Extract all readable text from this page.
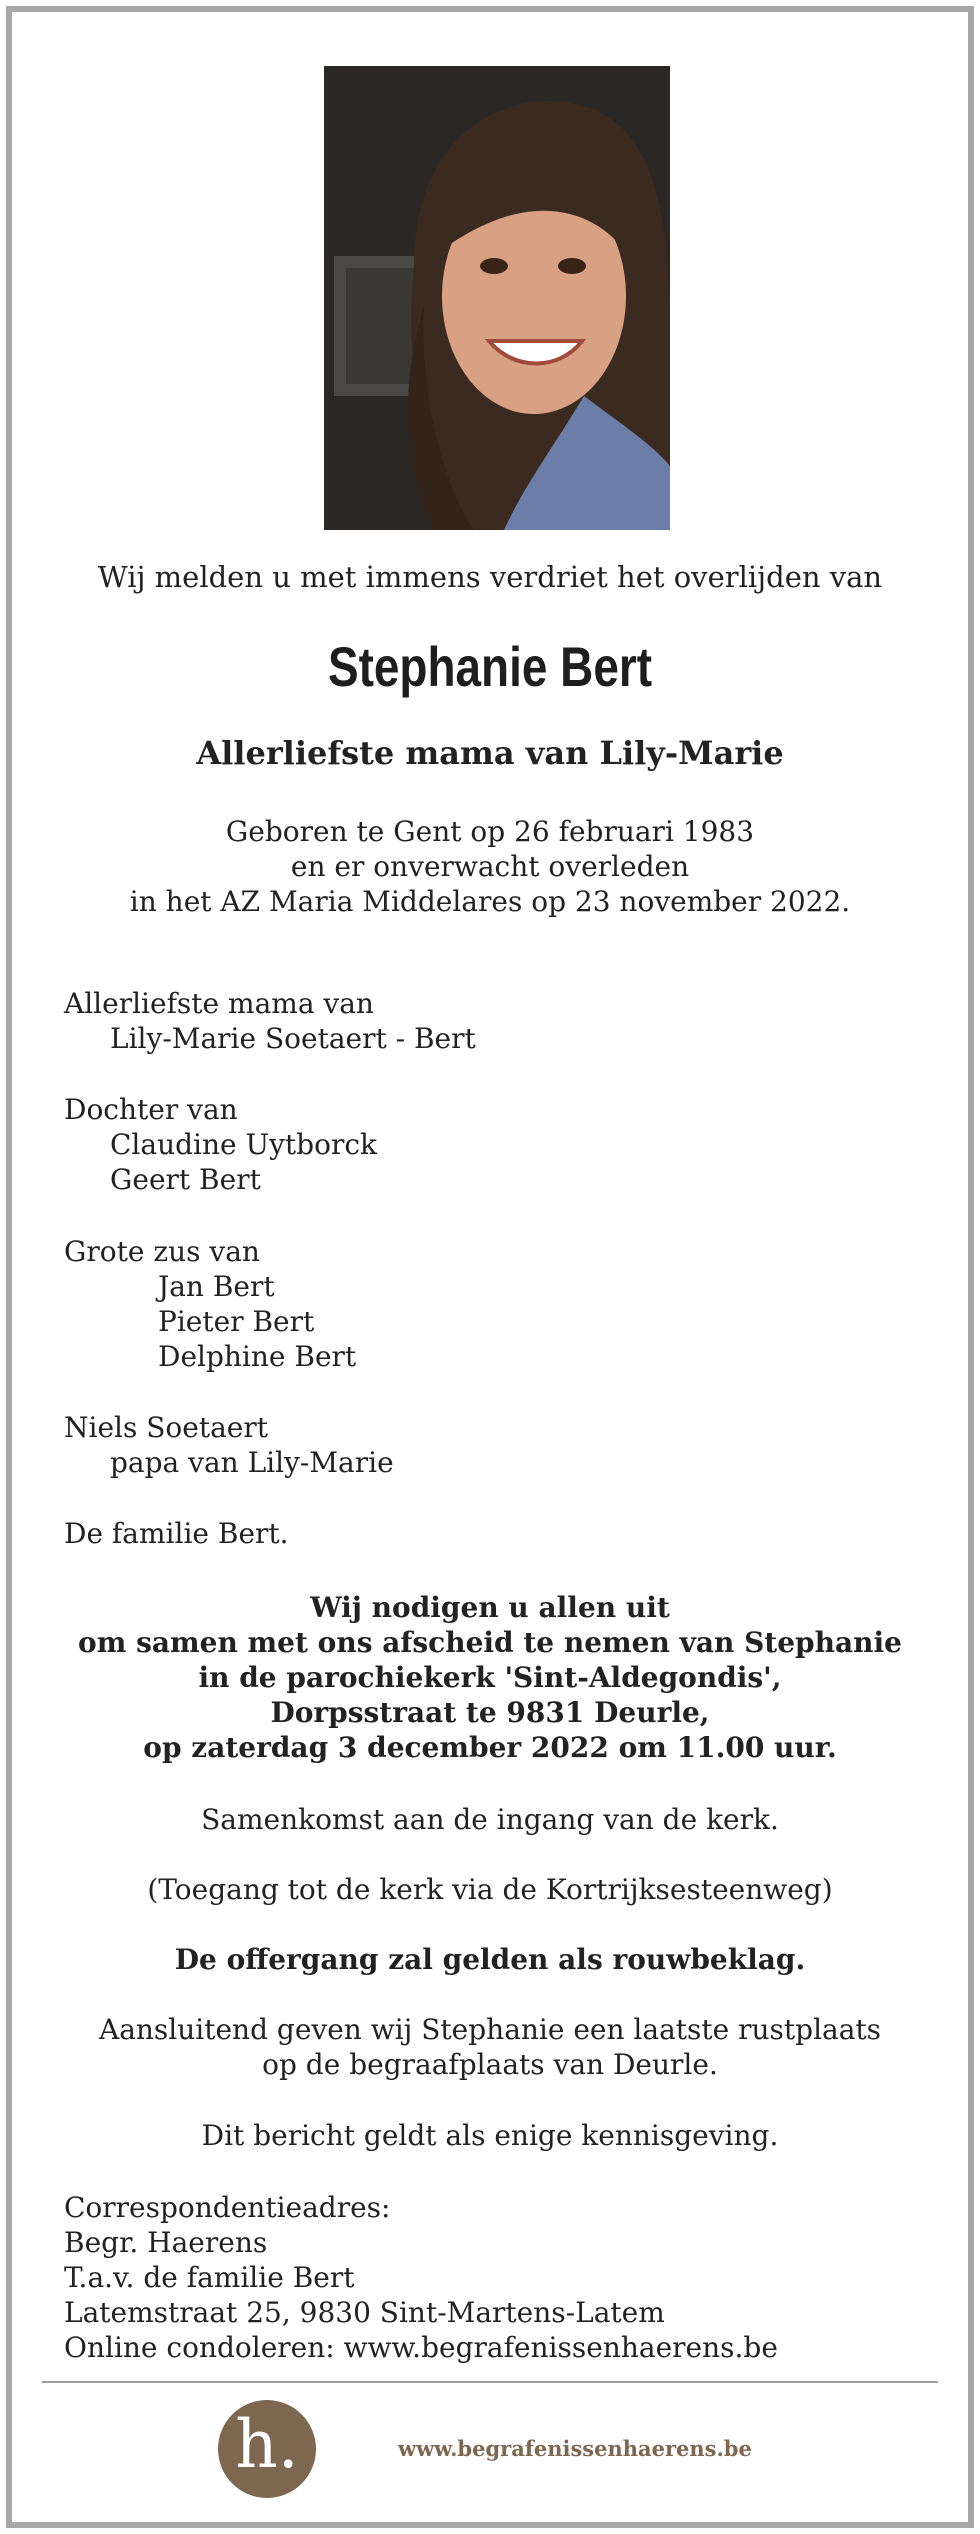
Wij melden u met immens verdriet het overlijden van
Stephanie Bert
Allerliefste mama van Lily-Marie
Geboren te Gent op 26 februari 1983
en er onverwacht overleden
in het AZ Maria Middelares op 23 november 2022.
Allerliefste mama van
Lily-Marie Soetaert - Bert
Dochter van
Claudine Uytborck
Geert Bert
Grote zus van
Jan Bert
Pieter Bert
Delphine Bert
Niels Soetaert
papa van Lily-Marie
De familie Bert.
Wij nodigen u allen uit
om samen met ons afscheid te nemen van Stephanie
in de parochiekerk 'Sint-Aldegondis',
Dorpsstraat te 9831 Deurle,
op zaterdag 3 december 2022 om 11.00 uur.
Samenkomst aan de ingang van de kerk.
(Toegang tot de kerk via de Kortrijksesteenweg)
De offergang zal gelden als rouwbeklag.
Aansluitend geven wij Stephanie een laatste rustplaats
op de begraafplaats van Deurle.
Dit bericht geldt als enige kennisgeving.
Correspondentieadres:
Begr. Haerens
T.a.v. de familie Bert
Latemstraat 25, 9830 Sint-Martens-Latem
Online condoleren: www.begrafenissenhaerens.be
h.	www.begrafenissenhaerens.be
